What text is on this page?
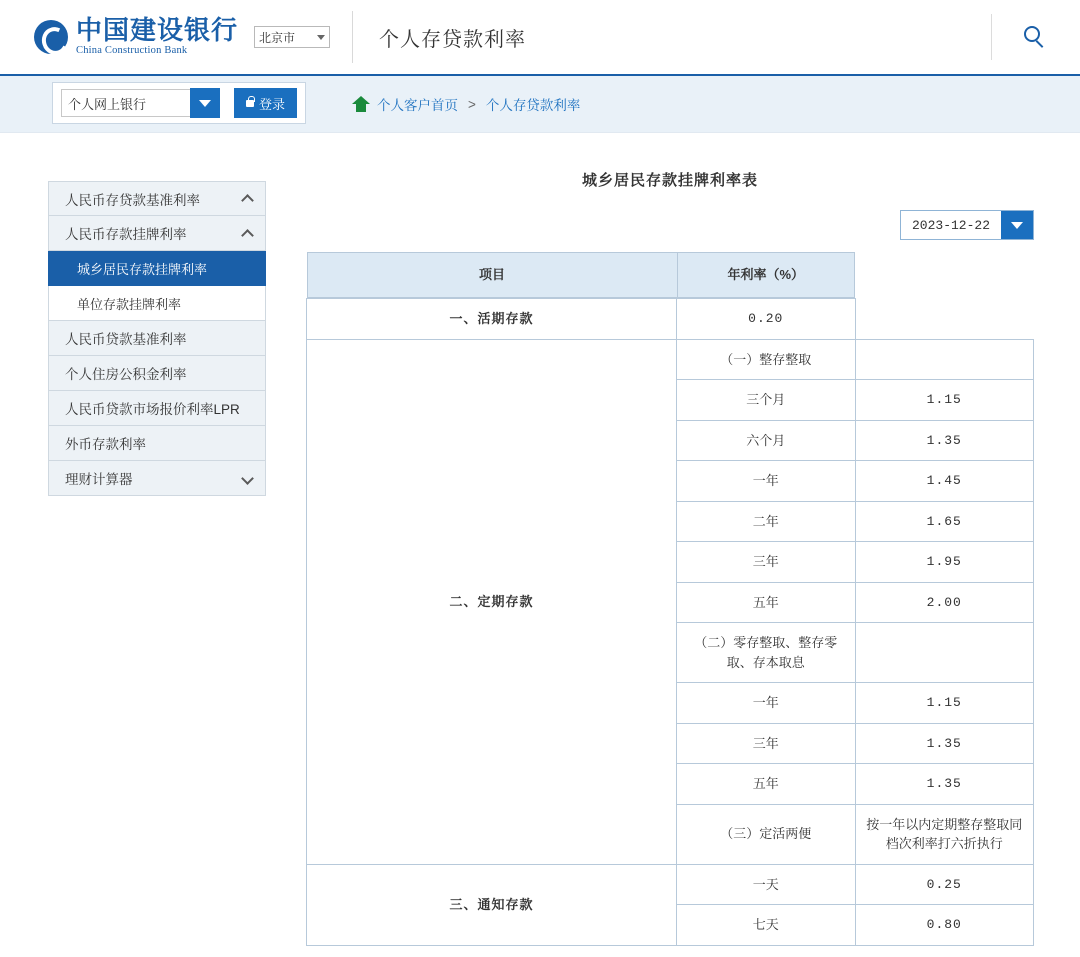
中国建设银行
China Construction Bank
北京市	个人存贷款利率
个人网上银行	登录	个人客户首页 > 个人存贷款利率
人民币存贷款基准利率
人民币存款挂牌利率
城乡居民存款挂牌利率
单位存款挂牌利率
人民币贷款基准利率
个人住房公积金利率
人民币贷款市场报价利率LPR
外币存款利率
理财计算器
城乡居民存款挂牌利率表
2023-12-22
项目	年利率（%）

一、活期存款	0.20
二、定期存款	（一）整存整取	
三个月	1.15
六个月	1.35
一年	1.45
二年	1.65
三年	1.95
五年	2.00
（二）零存整取、整存零取、存本取息	
一年	1.15
三年	1.35
五年	1.35
（三）定活两便	按一年以内定期整存整取同档次利率打六折执行
三、通知存款	一天	0.25
七天	0.80
